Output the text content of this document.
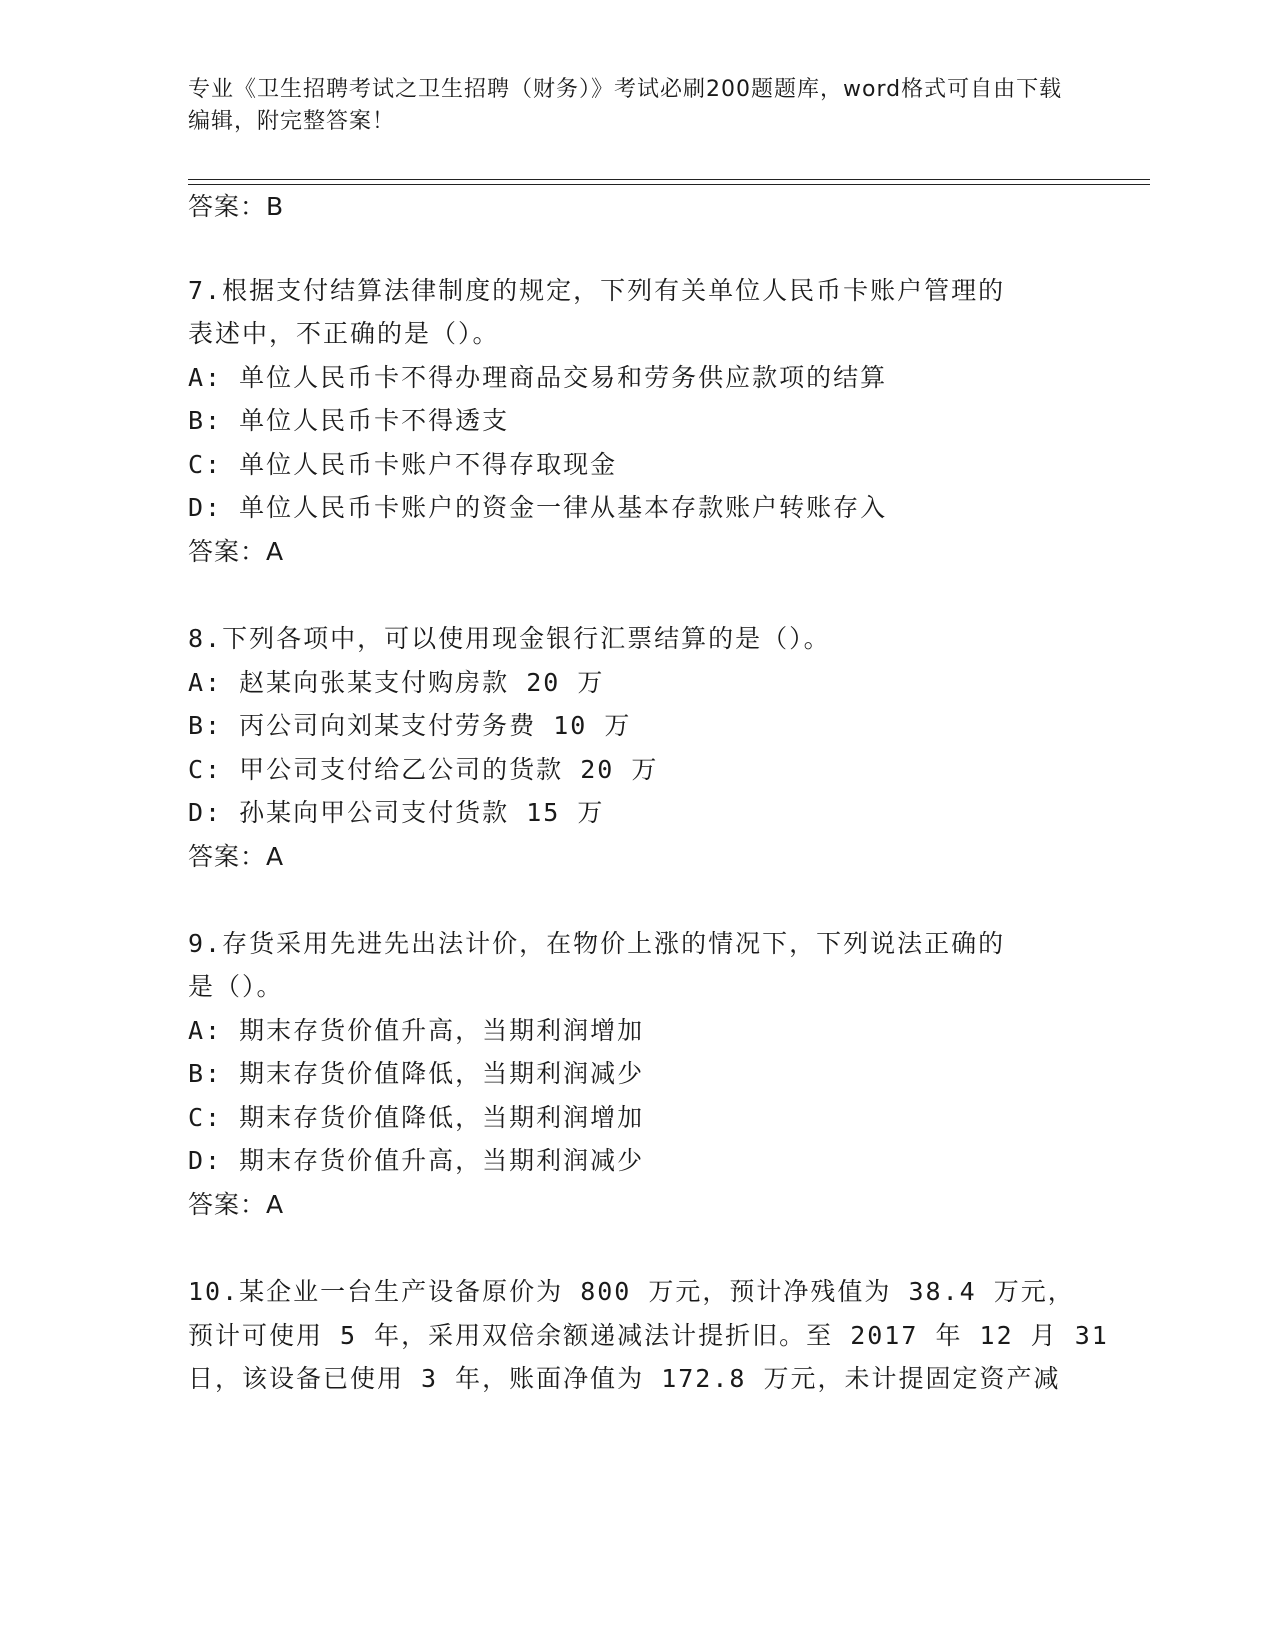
专业《卫生招聘考试之卫生招聘（财务）》考试必刷200题题库，word格式可自由下载编辑，附完整答案！
答案：B
7.根据支付结算法律制度的规定，下列有关单位人民币卡账户管理的
表述中，不正确的是（）。
A: 单位人民币卡不得办理商品交易和劳务供应款项的结算
B: 单位人民币卡不得透支
C: 单位人民币卡账户不得存取现金
D: 单位人民币卡账户的资金一律从基本存款账户转账存入
答案：A
8.下列各项中，可以使用现金银行汇票结算的是（）。
A: 赵某向张某支付购房款 20 万
B: 丙公司向刘某支付劳务费 10 万
C: 甲公司支付给乙公司的货款 20 万
D: 孙某向甲公司支付货款 15 万
答案：A
9.存货采用先进先出法计价，在物价上涨的情况下，下列说法正确的
是（）。
A: 期末存货价值升高，当期利润增加
B: 期末存货价值降低，当期利润减少
C: 期末存货价值降低，当期利润增加
D: 期末存货价值升高，当期利润减少
答案：A
10.某企业一台生产设备原价为 800 万元，预计净残值为 38.4 万元，
预计可使用 5 年，采用双倍余额递减法计提折旧。至 2017 年 12 月 31
日，该设备已使用 3 年，账面净值为 172.8 万元，未计提固定资产减
